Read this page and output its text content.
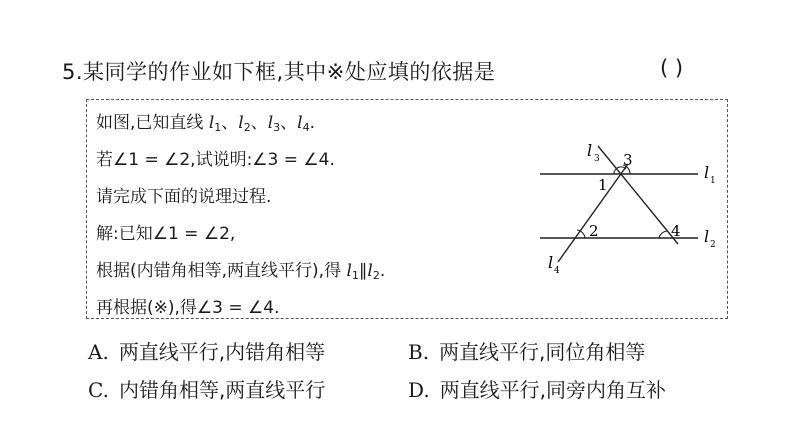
5.某同学的作业如下框,其中※处应填的依据是	( )
如图,已知直线 $l_1$、$l_2$、$l_3$、$l_4$.
若∠1 = ∠2,试说明:∠3 = ∠4.
请完成下面的说理过程.
解:已知∠1 = ∠2,
根据(内错角相等,两直线平行),得 $l_1\parallel l_2$.
再根据(※),得∠3 = ∠4.
l 3 3
l 1
1
2	4 l 2
l 4
A. 两直线平行,内错角相等	B. 两直线平行,同位角相等
C. 内错角相等,两直线平行	D. 两直线平行,同旁内角互补
